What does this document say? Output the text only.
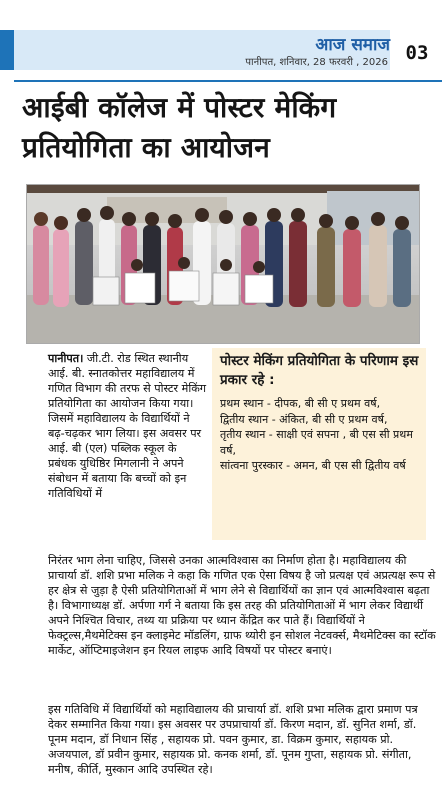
आज समाज
पानीपत, शनिवार, 28 फरवरी , 2026 03
आईबी कॉलेज में पोस्टर मेकिंग प्रतियोगिता का आयोजन
पानीपत। जी.टी. रोड स्थित स्थानीय आई. बी. स्नातकोत्तर महाविद्यालय में गणित विभाग की तरफ से पोस्टर मेकिंग प्रतियोगिता का आयोजन किया गया। जिसमें महाविद्यालय के विद्यार्थियों ने बढ़-चढ़कर भाग लिया। इस अवसर पर आई. बी (एल) पब्लिक स्कूल के प्रबंधक युधिष्ठिर मिगलानी ने अपने संबोधन में बताया कि बच्चों को इन गतिविधियों में
पोस्टर मेकिंग प्रतियोगिता के परिणाम इस प्रकार रहे :
प्रथम स्थान - दीपक, बी सी ए प्रथम वर्ष,
द्वितीय स्थान - अंकित, बी सी ए प्रथम वर्ष,
तृतीय स्थान - साक्षी एवं सपना , बी एस सी प्रथम वर्ष,
सांत्वना पुरस्कार - अमन, बी एस सी द्वितीय वर्ष
निरंतर भाग लेना चाहिए, जिससे उनका आत्मविश्वास का निर्माण होता है। महाविद्यालय की प्राचार्या डॉ. शशि प्रभा मलिक ने कहा कि गणित एक ऐसा विषय है जो प्रत्यक्ष एवं अप्रत्यक्ष रूप से हर क्षेत्र से जुड़ा है ऐसी प्रतियोगिताओं में भाग लेने से विद्यार्थियों का ज्ञान एवं आत्मविश्वास बढ़ता है। विभागाध्यक्ष डॉ. अर्पणा गर्ग ने बताया कि इस तरह की प्रतियोगिताओं में भाग लेकर विद्यार्थी अपने निश्चित विचार, तथ्य या प्रक्रिया पर ध्यान केंद्रित कर पाते हैं। विद्यार्थियों ने फेक्ट्रल्स,मैथमेटिक्स इन क्लाइमेट मॉडलिंग, ग्राफ थ्योरी इन सोशल नेटवर्क्स, मैथमेटिक्स का स्टॉक मार्केट, ऑप्टिमाइजेशन इन रियल लाइफ आदि विषयों पर पोस्टर बनाएं।
इस गतिविधि में विद्यार्थियों को महाविद्यालय की प्राचार्या डॉ. शशि प्रभा मलिक द्वारा प्रमाण पत्र देकर सम्मानित किया गया। इस अवसर पर उपप्राचार्या डॉ. किरण मदान, डॉ. सुनित शर्मा, डॉ. पूनम मदान, डॉ निधान सिंह , सहायक प्रो. पवन कुमार, डा. विक्रम कुमार, सहायक प्रो. अजयपाल, डॉ प्रवीन कुमार, सहायक प्रो. कनक शर्मा, डॉ. पूनम गुप्ता, सहायक प्रो. संगीता, मनीष, कीर्ति, मुस्कान आदि उपस्थित रहे।
